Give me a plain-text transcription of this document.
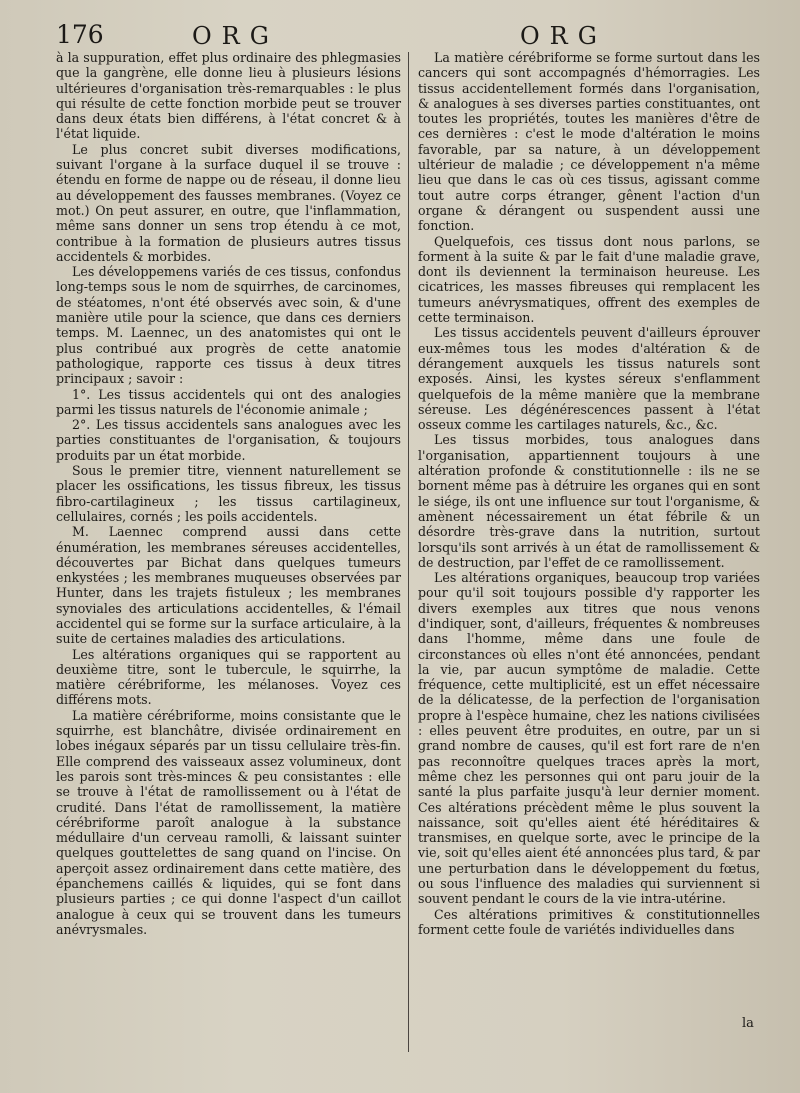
176	ORG	ORG

à la suppuration, effet plus ordinaire des phlegmasies que la gangrène, elle donne lieu à plusieurs lésions ultérieures d'organisation très-remarquables : le plus qui résulte de cette fonction morbide peut se trouver dans deux états bien différens, à l'état concret & à l'état liquide.

Le plus concret subit diverses modifications, suivant l'organe à la surface duquel il se trouve : étendu en forme de nappe ou de réseau, il donne lieu au développement des fausses membranes. (Voyez ce mot.) On peut assurer, en outre, que l'inflammation, même sans donner un sens trop étendu à ce mot, contribue à la formation de plusieurs autres tissus accidentels & morbides.

Les développemens variés de ces tissus, confondus long-temps sous le nom de squirrhes, de carcinomes, de stéatomes, n'ont été observés avec soin, & d'une manière utile pour la science, que dans ces derniers temps. M. Laennec, un des anatomistes qui ont le plus contribué aux progrès de cette anatomie pathologique, rapporte ces tissus à deux titres principaux ; savoir :

1°. Les tissus accidentels qui ont des analogies parmi les tissus naturels de l'économie animale ;

2°. Les tissus accidentels sans analogues avec les parties constituantes de l'organisation, & toujours produits par un état morbide.

Sous le premier titre, viennent naturellement se placer les ossifications, les tissus fibreux, les tissus fibro-cartilagineux ; les tissus cartilagineux, cellulaires, cornés ; les poils accidentels.

M. Laennec comprend aussi dans cette énumération, les membranes séreuses accidentelles, découvertes par Bichat dans quelques tumeurs enkystées ; les membranes muqueuses observées par Hunter, dans les trajets fistuleux ; les membranes synoviales des articulations accidentelles, & l'émail accidentel qui se forme sur la surface articulaire, à la suite de certaines maladies des articulations.

Les altérations organiques qui se rapportent au deuxième titre, sont le tubercule, le squirrhe, la matière cérébriforme, les mélanoses. Voyez ces différens mots.

La matière cérébriforme, moins consistante que le squirrhe, est blanchâtre, divisée ordinairement en lobes inégaux séparés par un tissu cellulaire très-fin. Elle comprend des vaisseaux assez volumineux, dont les parois sont très-minces & peu consistantes : elle se trouve à l'état de ramollissement ou à l'état de crudité. Dans l'état de ramollissement, la matière cérébriforme paroît analogue à la substance médullaire d'un cerveau ramolli, & laissant suinter quelques gouttelettes de sang quand on l'incise. On aperçoit assez ordinairement dans cette matière, des épanchemens caillés & liquides, qui se font dans plusieurs parties ; ce qui donne l'aspect d'un caillot analogue à ceux qui se trouvent dans les tumeurs anévrysmales.

La matière cérébriforme se forme surtout dans les cancers qui sont accompagnés d'hémorragies. Les tissus accidentellement formés dans l'organisation, & analogues à ses diverses parties constituantes, ont toutes les propriétés, toutes les manières d'être de ces dernières : c'est le mode d'altération le moins favorable, par sa nature, à un développement ultérieur de maladie ; ce développement n'a même lieu que dans le cas où ces tissus, agissant comme tout autre corps étranger, gênent l'action d'un organe & dérangent ou suspendent aussi une fonction.

Quelquefois, ces tissus dont nous parlons, se forment à la suite & par le fait d'une maladie grave, dont ils deviennent la terminaison heureuse. Les cicatrices, les masses fibreuses qui remplacent les tumeurs anévrysmatiques, offrent des exemples de cette terminaison.

Les tissus accidentels peuvent d'ailleurs éprouver eux-mêmes tous les modes d'altération & de dérangement auxquels les tissus naturels sont exposés. Ainsi, les kystes séreux s'enflamment quelquefois de la même manière que la membrane séreuse. Les dégénérescences passent à l'état osseux comme les cartilages naturels, &c., &c.

Les tissus morbides, tous analogues dans l'organisation, appartiennent toujours à une altération profonde & constitutionnelle : ils ne se bornent même pas à détruire les organes qui en sont le siége, ils ont une influence sur tout l'organisme, & amènent nécessairement un état fébrile & un désordre très-grave dans la nutrition, surtout lorsqu'ils sont arrivés à un état de ramollissement & de destruction, par l'effet de ce ramollissement.

Les altérations organiques, beaucoup trop variées pour qu'il soit toujours possible d'y rapporter les divers exemples aux titres que nous venons d'indiquer, sont, d'ailleurs, fréquentes & nombreuses dans l'homme, même dans une foule de circonstances où elles n'ont été annoncées, pendant la vie, par aucun symptôme de maladie. Cette fréquence, cette multiplicité, est un effet nécessaire de la délicatesse, de la perfection de l'organisation propre à l'espèce humaine, chez les nations civilisées : elles peuvent être produites, en outre, par un si grand nombre de causes, qu'il est fort rare de n'en pas reconnoître quelques traces après la mort, même chez les personnes qui ont paru jouir de la santé la plus parfaite jusqu'à leur dernier moment. Ces altérations précèdent même le plus souvent la naissance, soit qu'elles aient été héréditaires & transmises, en quelque sorte, avec le principe de la vie, soit qu'elles aient été annoncées plus tard, & par une perturbation dans le développement du fœtus, ou sous l'influence des maladies qui surviennent si souvent pendant le cours de la vie intra-utérine.

Ces altérations primitives & constitutionnelles forment cette foule de variétés individuelles dans

la
